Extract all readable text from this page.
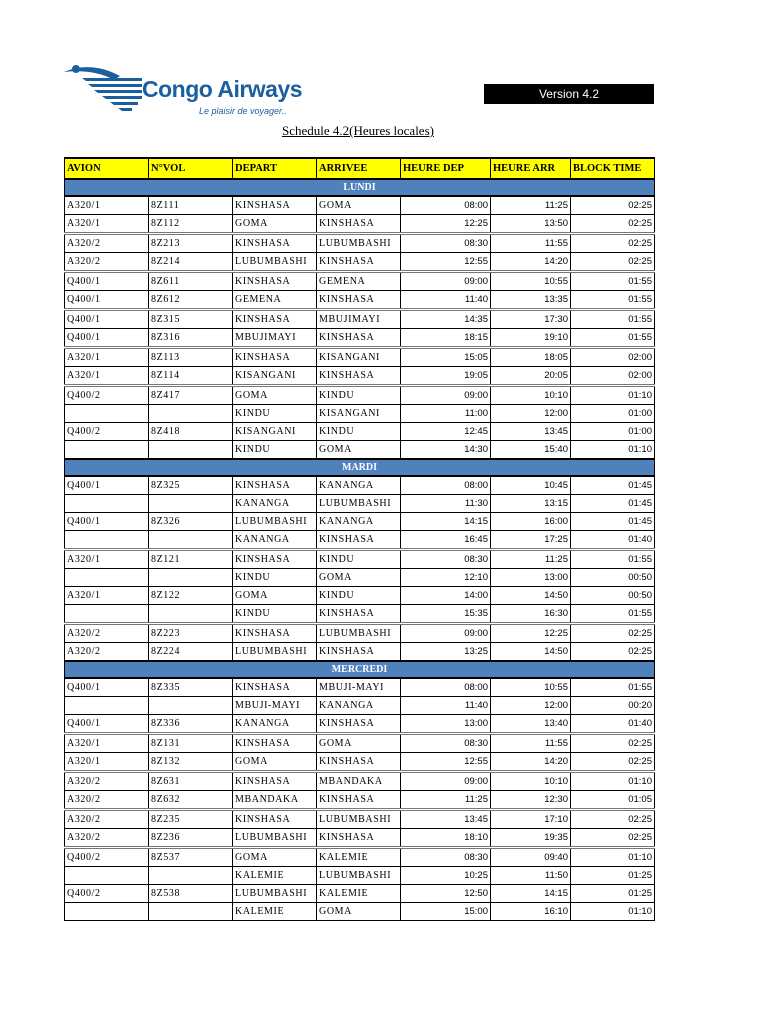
Congo Airways
Le plaisir de voyager..
Version 4.2
Schedule 4.2(Heures locales)
AVION	N°VOL	DEPART	ARRIVEE	HEURE DEP	HEURE ARR	BLOCK TIME
LUNDI						
A320/1	8Z111	KINSHASA	GOMA	08:00	11:25	02:25
A320/1	8Z112	GOMA	KINSHASA	12:25	13:50	02:25
A320/2	8Z213	KINSHASA	LUBUMBASHI	08:30	11:55	02:25
A320/2	8Z214	LUBUMBASHI	KINSHASA	12:55	14:20	02:25
Q400/1	8Z611	KINSHASA	GEMENA	09:00	10:55	01:55
Q400/1	8Z612	GEMENA	KINSHASA	11:40	13:35	01:55
Q400/1	8Z315	KINSHASA	MBUJIMAYI	14:35	17:30	01:55
Q400/1	8Z316	MBUJIMAYI	KINSHASA	18:15	19:10	01:55
A320/1	8Z113	KINSHASA	KISANGANI	15:05	18:05	02:00
A320/1	8Z114	KISANGANI	KINSHASA	19:05	20:05	02:00
Q400/2	8Z417	GOMA	KINDU	09:00	10:10	01:10
		KINDU	KISANGANI	11:00	12:00	01:00
Q400/2	8Z418	KISANGANI	KINDU	12:45	13:45	01:00
		KINDU	GOMA	14:30	15:40	01:10
MARDI						
Q400/1	8Z325	KINSHASA	KANANGA	08:00	10:45	01:45
		KANANGA	LUBUMBASHI	11:30	13:15	01:45
Q400/1	8Z326	LUBUMBASHI	KANANGA	14:15	16:00	01:45
		KANANGA	KINSHASA	16:45	17:25	01:40
A320/1	8Z121	KINSHASA	KINDU	08:30	11:25	01:55
		KINDU	GOMA	12:10	13:00	00:50
A320/1	8Z122	GOMA	KINDU	14:00	14:50	00:50
		KINDU	KINSHASA	15:35	16:30	01:55
A320/2	8Z223	KINSHASA	LUBUMBASHI	09:00	12:25	02:25
A320/2	8Z224	LUBUMBASHI	KINSHASA	13:25	14:50	02:25
MERCREDI						
Q400/1	8Z335	KINSHASA	MBUJI-MAYI	08:00	10:55	01:55
		MBUJI-MAYI	KANANGA	11:40	12:00	00:20
Q400/1	8Z336	KANANGA	KINSHASA	13:00	13:40	01:40
A320/1	8Z131	KINSHASA	GOMA	08:30	11:55	02:25
A320/1	8Z132	GOMA	KINSHASA	12:55	14:20	02:25
A320/2	8Z631	KINSHASA	MBANDAKA	09:00	10:10	01:10
A320/2	8Z632	MBANDAKA	KINSHASA	11:25	12:30	01:05
A320/2	8Z235	KINSHASA	LUBUMBASHI	13:45	17:10	02:25
A320/2	8Z236	LUBUMBASHI	KINSHASA	18:10	19:35	02:25
Q400/2	8Z537	GOMA	KALEMIE	08:30	09:40	01:10
		KALEMIE	LUBUMBASHI	10:25	11:50	01:25
Q400/2	8Z538	LUBUMBASHI	KALEMIE	12:50	14:15	01:25
		KALEMIE	GOMA	15:00	16:10	01:10
